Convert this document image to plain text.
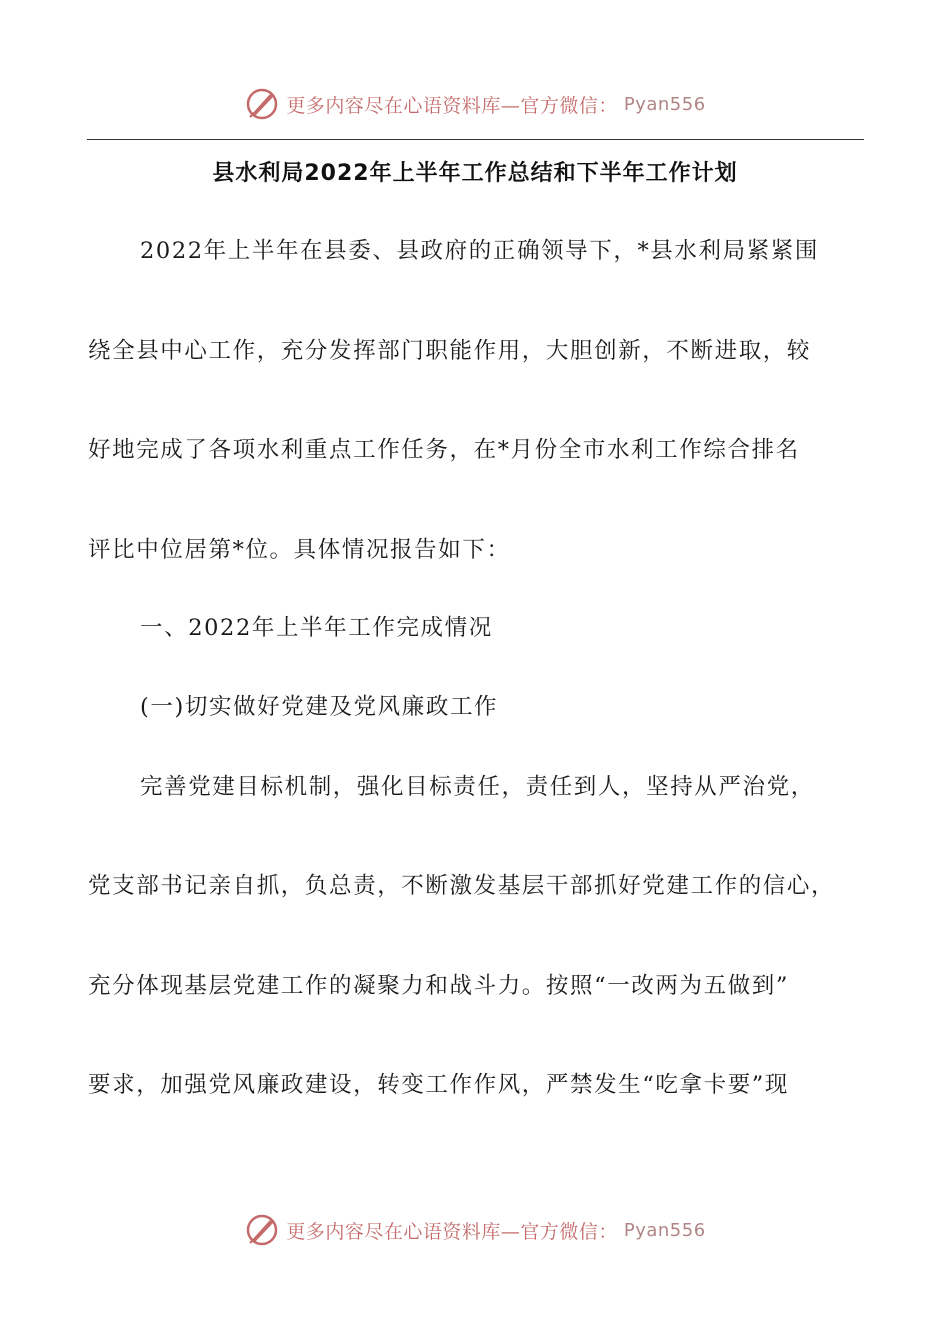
更多内容尽在心语资料库—官方微信： Pyan556
县水利局2022年上半年工作总结和下半年工作计划
2022年上半年在县委、县政府的正确领导下，*县水利局紧紧围
绕全县中心工作，充分发挥部门职能作用，大胆创新，不断进取，较
好地完成了各项水利重点工作任务，在*月份全市水利工作综合排名
评比中位居第*位。具体情况报告如下：
一、2022年上半年工作完成情况
(一)切实做好党建及党风廉政工作
完善党建目标机制，强化目标责任，责任到人，坚持从严治党，
党支部书记亲自抓，负总责，不断激发基层干部抓好党建工作的信心，
充分体现基层党建工作的凝聚力和战斗力。按照“一改两为五做到”
要求，加强党风廉政建设，转变工作作风，严禁发生“吃拿卡要”现
更多内容尽在心语资料库—官方微信： Pyan556
